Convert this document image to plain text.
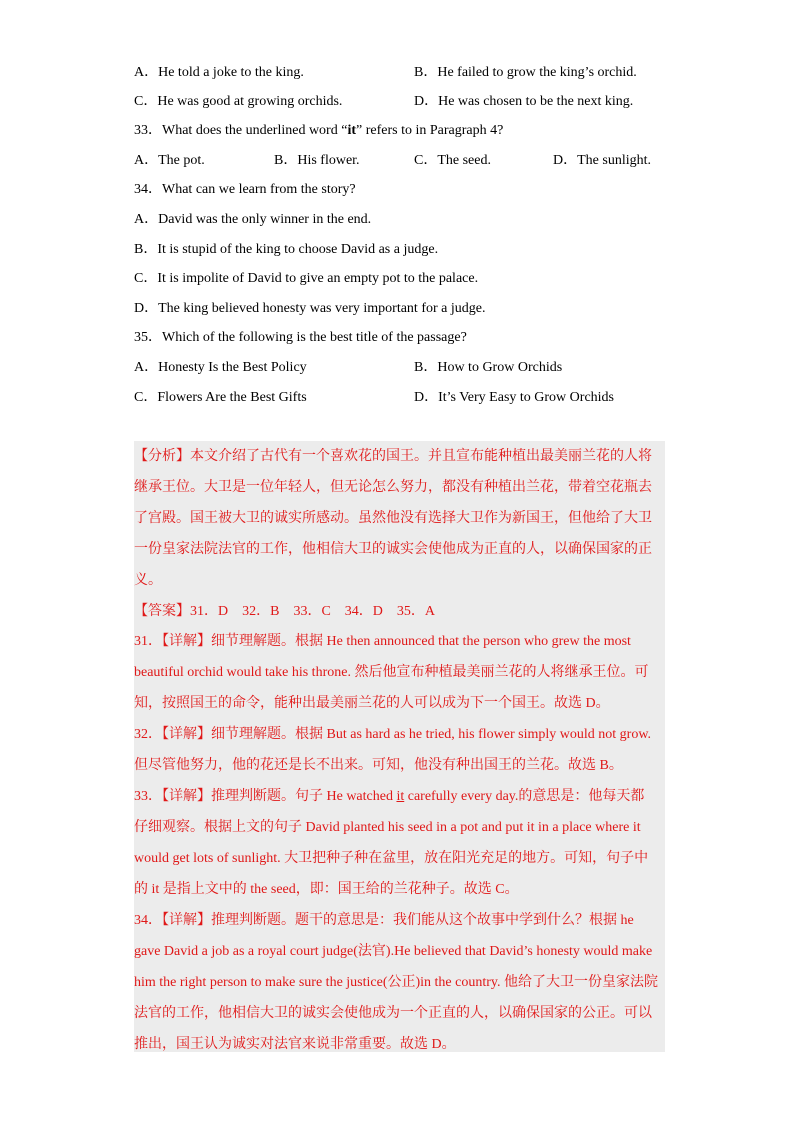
A．He told a joke to the king.	B．He failed to grow the king’s orchid.
C．He was good at growing orchids.	D．He was chosen to be the next king.
33．What does the underlined word “it” refers to in Paragraph 4?
A．The pot.	B．His flower.	C．The seed.	D．The sunlight.
34．What can we learn from the story?
A．David was the only winner in the end.
B．It is stupid of the king to choose David as a judge.
C．It is impolite of David to give an empty pot to the palace.
D．The king believed honesty was very important for a judge.
35．Which of the following is the best title of the passage?
A．Honesty Is the Best Policy	B．How to Grow Orchids
C．Flowers Are the Best Gifts	D．It’s Very Easy to Grow Orchids
【分析】本文介绍了古代有一个喜欢花的国王。并且宣布能种植出最美丽兰花的人将
继承王位。大卫是一位年轻人，但无论怎么努力，都没有种植出兰花，带着空花瓶去
了宫殿。国王被大卫的诚实所感动。虽然他没有选择大卫作为新国王，但他给了大卫
一份皇家法院法官的工作，他相信大卫的诚实会使他成为正直的人，以确保国家的正
义。
【答案】31．D　32．B　33．C　34．D　35．A
31．【详解】细节理解题。根据 He then announced that the person who grew the most
beautiful orchid would take his throne. 然后他宣布种植最美丽兰花的人将继承王位。可
知，按照国王的命令，能种出最美丽兰花的人可以成为下一个国王。故选 D。
32．【详解】细节理解题。根据 But as hard as he tried, his flower simply would not grow.
但尽管他努力，他的花还是长不出来。可知，他没有种出国王的兰花。故选 B。
33．【详解】推理判断题。句子 He watched it carefully every day.的意思是：他每天都
仔细观察。根据上文的句子 David planted his seed in a pot and put it in a place where it
would get lots of sunlight. 大卫把种子种在盆里，放在阳光充足的地方。可知，句子中
的 it 是指上文中的 the seed，即：国王给的兰花种子。故选 C。
34．【详解】推理判断题。题干的意思是：我们能从这个故事中学到什么？根据 he
gave David a job as a royal court judge(法官).He believed that David’s honesty would make
him the right person to make sure the justice(公正)in the country. 他给了大卫一份皇家法院
法官的工作，他相信大卫的诚实会使他成为一个正直的人，以确保国家的公正。可以
推出，国王认为诚实对法官来说非常重要。故选 D。
